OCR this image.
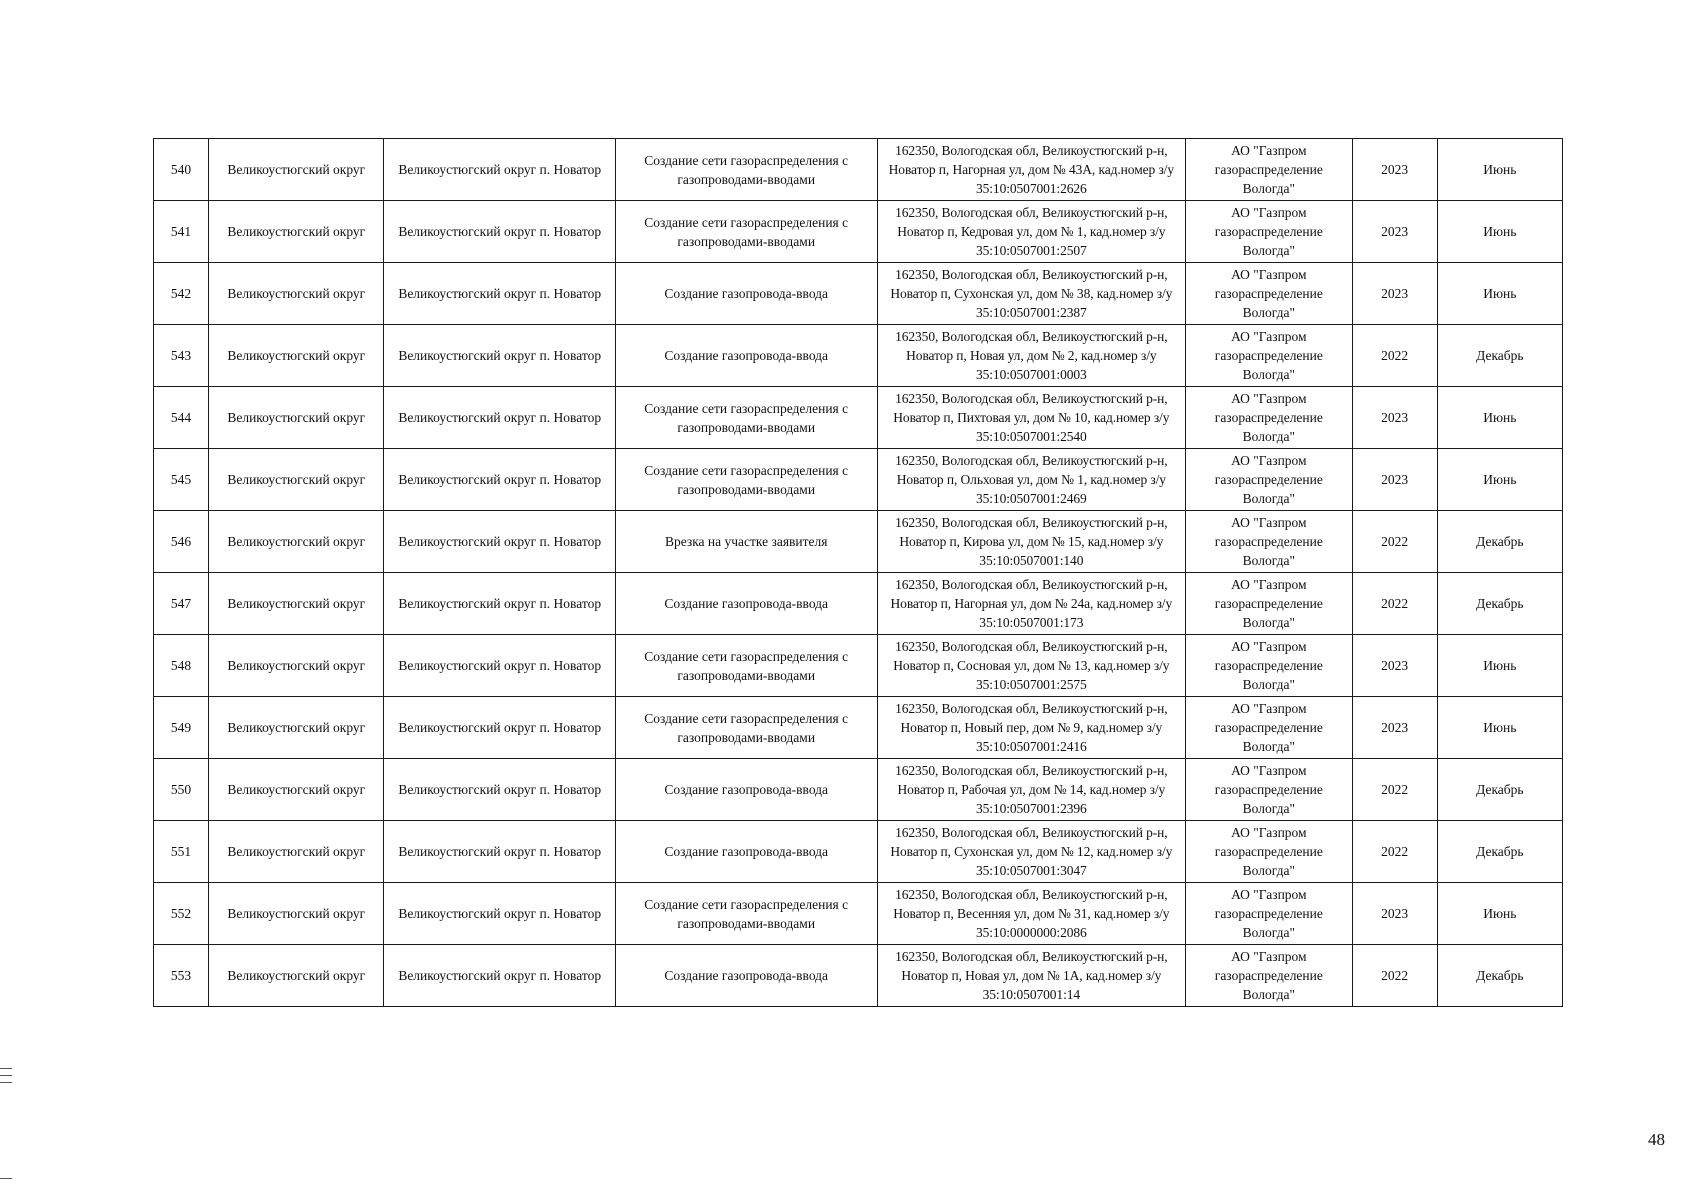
540	Великоустюгский округ	Великоустюгский округ п. Новатор	Создание сети газораспределения с газопроводами-вводами	162350, Вологодская обл, Великоустюгский р-н, Новатор п, Нагорная ул, дом № 43А, кад.номер з/у 35:10:0507001:2626	АО "Газпром газораспределение Вологда"	2023	Июнь
541	Великоустюгский округ	Великоустюгский округ п. Новатор	Создание сети газораспределения с газопроводами-вводами	162350, Вологодская обл, Великоустюгский р-н, Новатор п, Кедровая ул, дом № 1, кад.номер з/у 35:10:0507001:2507	АО "Газпром газораспределение Вологда"	2023	Июнь
542	Великоустюгский округ	Великоустюгский округ п. Новатор	Создание газопровода-ввода	162350, Вологодская обл, Великоустюгский р-н, Новатор п, Сухонская ул, дом № 38, кад.номер з/у 35:10:0507001:2387	АО "Газпром газораспределение Вологда"	2023	Июнь
543	Великоустюгский округ	Великоустюгский округ п. Новатор	Создание газопровода-ввода	162350, Вологодская обл, Великоустюгский р-н, Новатор п, Новая ул, дом № 2, кад.номер з/у 35:10:0507001:0003	АО "Газпром газораспределение Вологда"	2022	Декабрь
544	Великоустюгский округ	Великоустюгский округ п. Новатор	Создание сети газораспределения с газопроводами-вводами	162350, Вологодская обл, Великоустюгский р-н, Новатор п, Пихтовая ул, дом № 10, кад.номер з/у 35:10:0507001:2540	АО "Газпром газораспределение Вологда"	2023	Июнь
545	Великоустюгский округ	Великоустюгский округ п. Новатор	Создание сети газораспределения с газопроводами-вводами	162350, Вологодская обл, Великоустюгский р-н, Новатор п, Ольховая ул, дом № 1, кад.номер з/у 35:10:0507001:2469	АО "Газпром газораспределение Вологда"	2023	Июнь
546	Великоустюгский округ	Великоустюгский округ п. Новатор	Врезка на участке заявителя	162350, Вологодская обл, Великоустюгский р-н, Новатор п, Кирова ул, дом № 15, кад.номер з/у 35:10:0507001:140	АО "Газпром газораспределение Вологда"	2022	Декабрь
547	Великоустюгский округ	Великоустюгский округ п. Новатор	Создание газопровода-ввода	162350, Вологодская обл, Великоустюгский р-н, Новатор п, Нагорная ул, дом № 24а, кад.номер з/у 35:10:0507001:173	АО "Газпром газораспределение Вологда"	2022	Декабрь
548	Великоустюгский округ	Великоустюгский округ п. Новатор	Создание сети газораспределения с газопроводами-вводами	162350, Вологодская обл, Великоустюгский р-н, Новатор п, Сосновая ул, дом № 13, кад.номер з/у 35:10:0507001:2575	АО "Газпром газораспределение Вологда"	2023	Июнь
549	Великоустюгский округ	Великоустюгский округ п. Новатор	Создание сети газораспределения с газопроводами-вводами	162350, Вологодская обл, Великоустюгский р-н, Новатор п, Новый пер, дом № 9, кад.номер з/у 35:10:0507001:2416	АО "Газпром газораспределение Вологда"	2023	Июнь
550	Великоустюгский округ	Великоустюгский округ п. Новатор	Создание газопровода-ввода	162350, Вологодская обл, Великоустюгский р-н, Новатор п, Рабочая ул, дом № 14, кад.номер з/у 35:10:0507001:2396	АО "Газпром газораспределение Вологда"	2022	Декабрь
551	Великоустюгский округ	Великоустюгский округ п. Новатор	Создание газопровода-ввода	162350, Вологодская обл, Великоустюгский р-н, Новатор п, Сухонская ул, дом № 12, кад.номер з/у 35:10:0507001:3047	АО "Газпром газораспределение Вологда"	2022	Декабрь
552	Великоустюгский округ	Великоустюгский округ п. Новатор	Создание сети газораспределения с газопроводами-вводами	162350, Вологодская обл, Великоустюгский р-н, Новатор п, Весенняя ул, дом № 31, кад.номер з/у 35:10:0000000:2086	АО "Газпром газораспределение Вологда"	2023	Июнь
553	Великоустюгский округ	Великоустюгский округ п. Новатор	Создание газопровода-ввода	162350, Вологодская обл, Великоустюгский р-н, Новатор п, Новая ул, дом № 1А, кад.номер з/у 35:10:0507001:14	АО "Газпром газораспределение Вологда"	2022	Декабрь
48
